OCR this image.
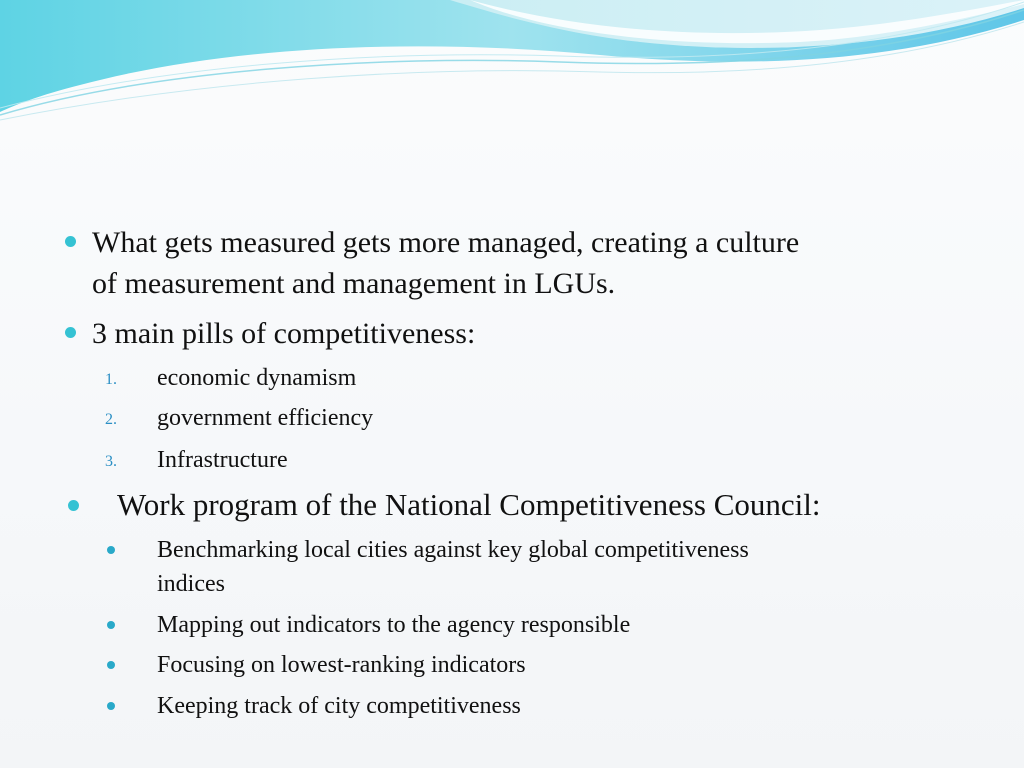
What gets measured gets more managed, creating a culture
of measurement and management in LGUs.
3 main pills of competitiveness:
1. economic dynamism
2. government efficiency
3. Infrastructure
Work program of the National Competitiveness Council:
Benchmarking local cities against key global competitiveness
indices
Mapping out indicators to the agency responsible
Focusing on lowest-ranking indicators
Keeping track of city competitiveness
